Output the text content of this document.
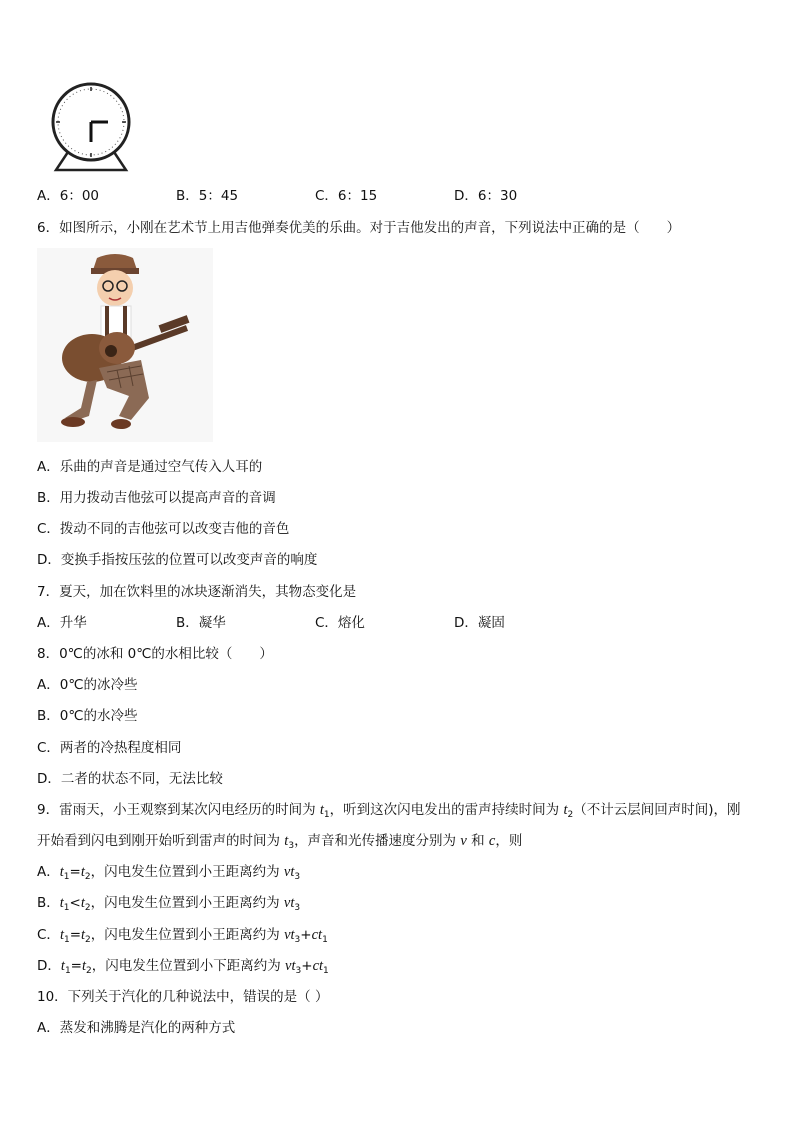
A．6：00	B．5：45	C．6：15	D．6：30
6．如图所示，小刚在艺术节上用吉他弹奏优美的乐曲。对于吉他发出的声音，下列说法中正确的是（　　）
A．乐曲的声音是通过空气传入人耳的
B．用力拨动吉他弦可以提高声音的音调
C．拨动不同的吉他弦可以改变吉他的音色
D．变换手指按压弦的位置可以改变声音的响度
7．夏天，加在饮料里的冰块逐渐消失，其物态变化是
A．升华	B．凝华	C．熔化	D．凝固
8．0℃的冰和 0℃的水相比较（　　）
A．0℃的冰冷些
B．0℃的水冷些
C．两者的冷热程度相同
D．二者的状态不同，无法比较
9．雷雨天，小王观察到某次闪电经历的时间为 $t_1$，听到这次闪电发出的雷声持续时间为 $t_2$（不计云层间回声时间)，刚
开始看到闪电到刚开始听到雷声的时间为 $t_3$，声音和光传播速度分别为 v 和 c，则
A．$t_1=t_2$，闪电发生位置到小王距离约为 $vt_3$
B．$t_1<t_2$，闪电发生位置到小王距离约为 $vt_3$
C．$t_1=t_2$，闪电发生位置到小王距离约为 $vt_3+ct_1$
D．$t_1=t_2$，闪电发生位置到小下距离约为 $vt_3+ct_1$
10．下列关于汽化的几种说法中，错误的是（ ）
A．蒸发和沸腾是汽化的两种方式
